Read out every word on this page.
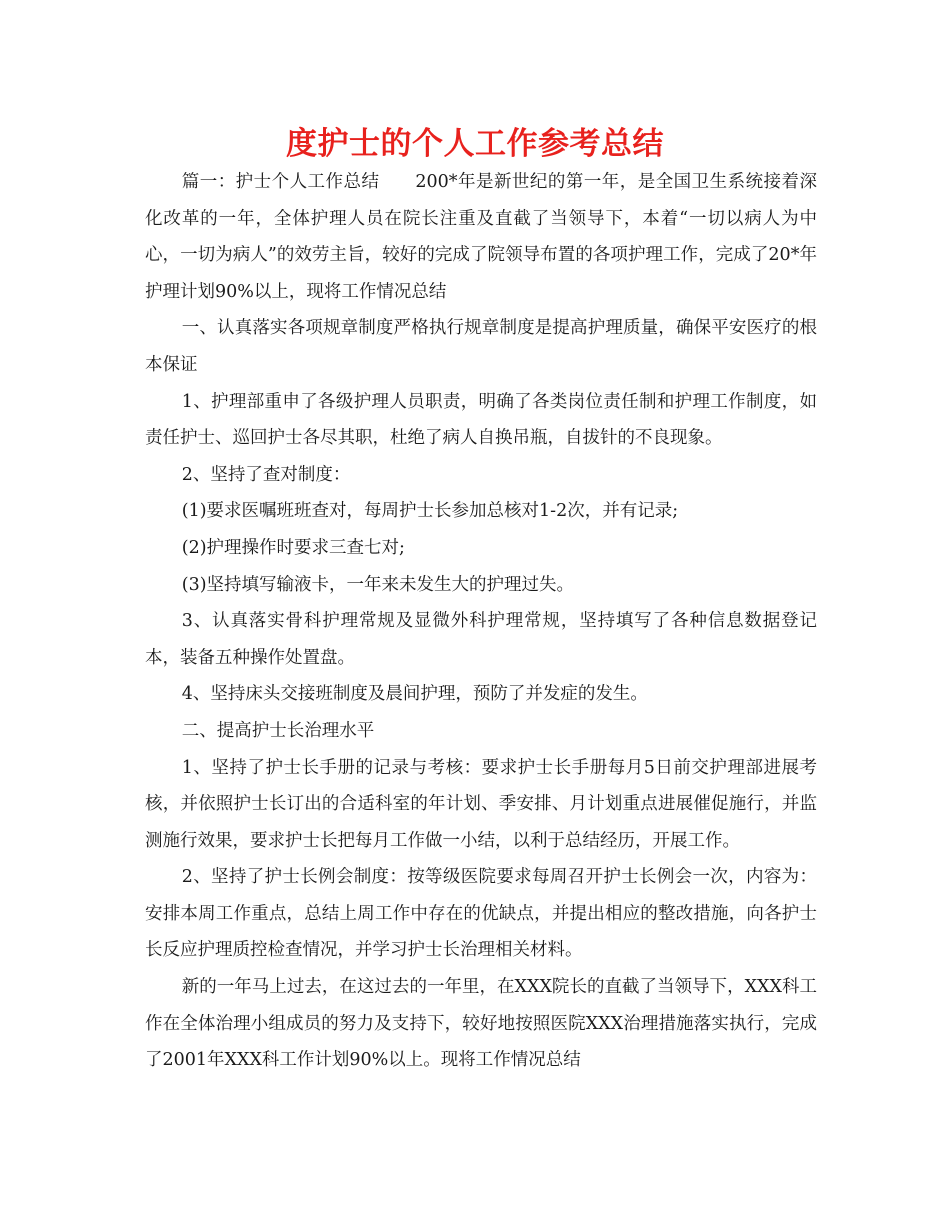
度护士的个人工作参考总结

篇一：护士个人工作总结　　200*年是新世纪的第一年，是全国卫生系统接着深化改革的一年，全体护理人员在院长注重及直截了当领导下，本着“一切以病人为中心，一切为病人”的效劳主旨，较好的完成了院领导布置的各项护理工作，完成了20*年护理计划90%以上，现将工作情况总结

一、认真落实各项规章制度严格执行规章制度是提高护理质量，确保平安医疗的根本保证

1、护理部重申了各级护理人员职责，明确了各类岗位责任制和护理工作制度，如责任护士、巡回护士各尽其职，杜绝了病人自换吊瓶，自拔针的不良现象。

2、坚持了查对制度：

(1)要求医嘱班班查对，每周护士长参加总核对1-2次，并有记录;

(2)护理操作时要求三查七对;

(3)坚持填写输液卡，一年来未发生大的护理过失。

3、认真落实骨科护理常规及显微外科护理常规，坚持填写了各种信息数据登记本，装备五种操作处置盘。

4、坚持床头交接班制度及晨间护理，预防了并发症的发生。

二、提高护士长治理水平

1、坚持了护士长手册的记录与考核：要求护士长手册每月5日前交护理部进展考核，并依照护士长订出的合适科室的年计划、季安排、月计划重点进展催促施行，并监测施行效果，要求护士长把每月工作做一小结，以利于总结经历，开展工作。

2、坚持了护士长例会制度：按等级医院要求每周召开护士长例会一次，内容为：安排本周工作重点，总结上周工作中存在的优缺点，并提出相应的整改措施，向各护士长反应护理质控检查情况，并学习护士长治理相关材料。

新的一年马上过去，在这过去的一年里，在XXX院长的直截了当领导下，XXX科工作在全体治理小组成员的努力及支持下，较好地按照医院XXX治理措施落实执行，完成了2001年XXX科工作计划90%以上。现将工作情况总结
